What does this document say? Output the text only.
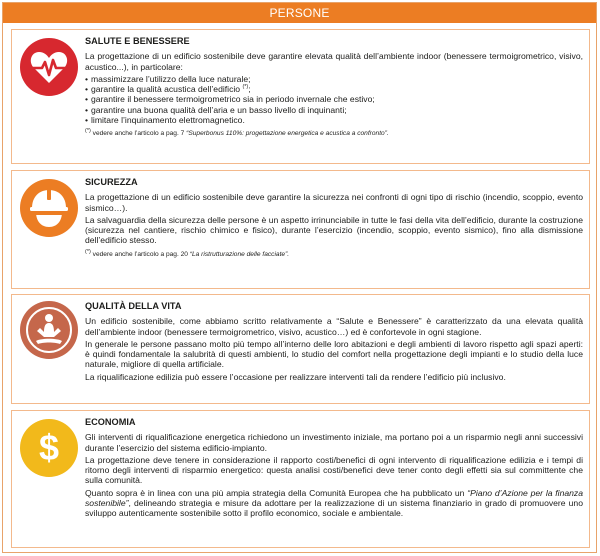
PERSONE
SALUTE E BENESSERE
La progettazione di un edificio sostenibile deve garantire elevata qualità dell’ambiente indoor (benessere termoigrometrico, visivo, acustico...), in particolare:
• massimizzare l’utilizzo della luce naturale;
• garantire la qualità acustica dell’edificio (*);
• garantire il benessere termoigrometrico sia in periodo invernale che estivo;
• garantire una buona qualità dell’aria e un basso livello di inquinanti;
• limitare l’inquinamento elettromagnetico.
(*) vedere anche l’articolo a pag. 7 “Superbonus 110%: progettazione energetica e acustica a confronto”.
SICUREZZA
La progettazione di un edificio sostenibile deve garantire la sicurezza nei confronti di ogni tipo di rischio (incendio, scoppio, evento sismico…).
La salvaguardia della sicurezza delle persone è un aspetto irrinunciabile in tutte le fasi della vita dell’edificio, durante la costruzione (sicurezza nel cantiere, rischio chimico e fisico), durante l’esercizio (incendio, scoppio, evento sismico), fino alla dismissione dell’edificio stesso.
(*) vedere anche l’articolo a pag. 20 “La ristrutturazione delle facciate”.
QUALITÀ DELLA VITA
Un edificio sostenibile, come abbiamo scritto relativamente a “Salute e Benessere” è caratterizzato da una elevata qualità dell’ambiente indoor (benessere termoigrometrico, visivo, acustico…) ed è confortevole in ogni stagione.
In generale le persone passano molto più tempo all’interno delle loro abitazioni e degli ambienti di lavoro rispetto agli spazi aperti: è quindi fondamentale la salubrità di questi ambienti, lo studio del comfort nella progettazione degli impianti e lo studio della luce naturale, migliore di quella artificiale.
La riqualificazione edilizia può essere l’occasione per realizzare interventi tali da rendere l’edificio più inclusivo.
$
ECONOMIA
Gli interventi di riqualificazione energetica richiedono un investimento iniziale, ma portano poi a un risparmio negli anni successivi durante l’esercizio del sistema edificio-impianto.
La progettazione deve tenere in considerazione il rapporto costi/benefici di ogni intervento di riqualificazione edilizia e i tempi di ritorno degli interventi di risparmio energetico: questa analisi costi/benefici deve tener conto degli effetti sia sul committente che sulla comunità.
Quanto sopra è in linea con una più ampia strategia della Comunità Europea che ha pubblicato un “Piano d’Azione per la finanza sostenibile”, delineando strategia e misure da adottare per la realizzazione di un sistema finanziario in grado di promuovere uno sviluppo autenticamente sostenibile sotto il profilo economico, sociale e ambientale.
